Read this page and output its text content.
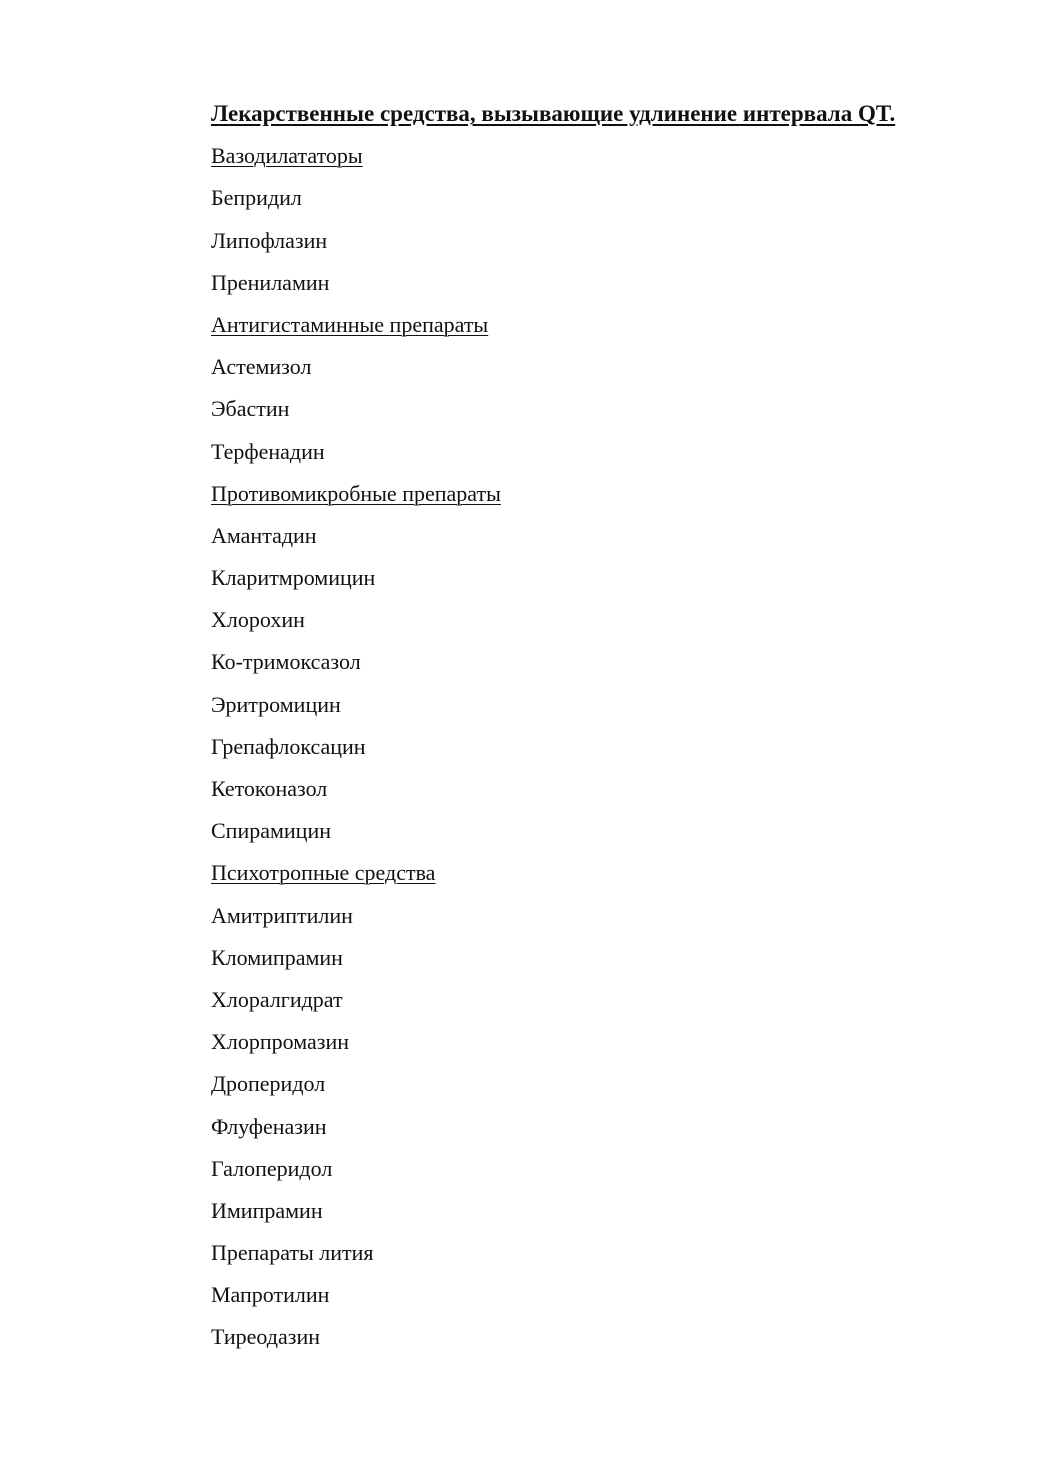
Лекарственные средства, вызывающие удлинение интервала QT.
Вазодилататоры
Бепридил
Липофлазин
Прениламин
Антигистаминные препараты
Астемизол
Эбастин
Терфенадин
Противомикробные препараты
Амантадин
Кларитмромицин
Хлорохин
Ко-тримоксазол
Эритромицин
Грепафлоксацин
Кетоконазол
Спирамицин
Психотропные средства
Амитриптилин
Кломипрамин
Хлоралгидрат
Хлорпромазин
Дроперидол
Флуфеназин
Галоперидол
Имипрамин
Препараты лития
Мапротилин
Тиреодазин
